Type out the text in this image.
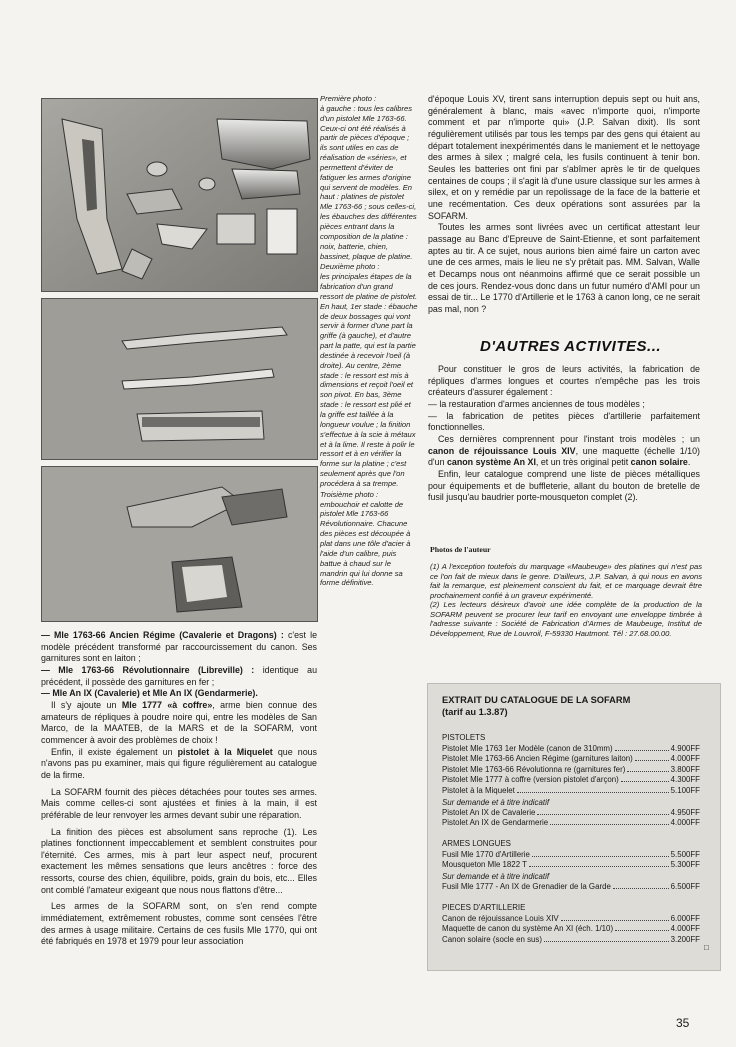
Première photo :
à gauche : tous les calibres d'un pistolet Mle 1763-66. Ceux-ci ont été réalisés à partir de pièces d'époque ; ils sont utiles en cas de réalisation de «séries», et permettent d'éviter de fatiguer les armes d'origine qui servent de modèles. En haut : platines de pistolet Mle 1763-66 ; sous celles-ci, les ébauches des différentes pièces entrant dans la composition de la platine : noix, batterie, chien, bassinet, plaque de platine.

Deuxième photo :
les principales étapes de la fabrication d'un grand ressort de platine de pistolet. En haut, 1er stade : ébauche de deux bossages qui vont servir à former d'une part la griffe (à gauche), et d'autre part la patte, qui est la partie destinée à recevoir l'oeil (à droite). Au centre, 2ème stade : le ressort est mis à dimensions et reçoit l'oeil et son pivot. En bas, 3ème stade : le ressort est plié et la griffe est taillée à la longueur voulue ; la finition s'effectue à la scie à métaux et à la lime. Il reste à polir le ressort et à en vérifier la forme sur la platine ; c'est seulement après que l'on procédera à sa trempe.

Troisième photo :
embouchoir et calotte de pistolet Mle 1763-66 Révolutionnaire. Chacune des pièces est découpée à plat dans une tôle d'acier à l'aide d'un calibre, puis battue à chaud sur le mandrin qui lui donne sa forme définitive.

— Mle 1763-66 Ancien Régime (Cavalerie et Dragons) : c'est le modèle précédent transformé par raccourcissement du canon. Ses garnitures sont en laiton ;

— Mle 1763-66 Révolutionnaire (Libreville) : identique au précédent, il possède des garnitures en fer ;

— Mle An IX (Cavalerie) et Mle An IX (Gendarmerie).

Il s'y ajoute un Mle 1777 «à coffre», arme bien connue des amateurs de répliques à poudre noire qui, entre les modèles de San Marco, de la MAATEB, de la MARS et de la SOFARM, vont commencer à avoir des problèmes de choix !

Enfin, il existe également un pistolet à la Miquelet que nous n'avons pas pu examiner, mais qui figure régulièrement au catalogue de la firme.

La SOFARM fournit des pièces détachées pour toutes ses armes. Mais comme celles-ci sont ajustées et finies à la main, il est préférable de leur renvoyer les armes devant subir une réparation.

La finition des pièces est absolument sans reproche (1). Les platines fonctionnent impeccablement et semblent construites pour l'éternité. Ces armes, mis à part leur aspect neuf, procurent exactement les mêmes sensations que leurs ancêtres : force des ressorts, course des chien, équilibre, poids, grain du bois, etc... Elles ont comblé l'amateur exigeant que nous nous flattons d'être...

Les armes de la SOFARM sont, on s'en rend compte immédiatement, extrêmement robustes, comme sont censées l'être des armes à usage militaire. Certains de ces fusils Mle 1770, qui ont été fabriqués en 1978 et 1979 pour leur association

d'époque Louis XV, tirent sans interruption depuis sept ou huit ans, généralement à blanc, mais «avec n'importe quoi, n'importe comment et par n'importe qui» (J.P. Salvan dixit). Ils sont régulièrement utilisés par tous les temps par des gens qui étaient au départ totalement inexpérimentés dans le maniement et le nettoyage des armes à silex ; malgré cela, les fusils continuent à tenir bon. Seules les batteries ont fini par s'abîmer après le tir de quelques centaines de coups ; il s'agit là d'une usure classique sur les armes à silex, et on y remédie par un repolissage de la face de la batterie et une recémentation. Ces deux opérations sont assurées par la SOFARM.

Toutes les armes sont livrées avec un certificat attestant leur passage au Banc d'Epreuve de Saint-Etienne, et sont parfaitement aptes au tir. A ce sujet, nous aurions bien aimé faire un carton avec une de ces armes, mais le lieu ne s'y prêtait pas. MM. Salvan, Walle et Decamps nous ont néanmoins affirmé que ce serait possible un de ces jours. Rendez-vous donc dans un futur numéro d'AMI pour un essai de tir... Le 1770 d'Artillerie et le 1763 à canon long, ce ne serait pas mal, non ?

D'AUTRES ACTIVITES...

Pour constituer le gros de leurs activités, la fabrication de répliques d'armes longues et courtes n'empêche pas les trois créateurs d'assurer également :

— la restauration d'armes anciennes de tous modèles ;

— la fabrication de petites pièces d'artillerie parfaitement fonctionnelles.

Ces dernières comprennent pour l'instant trois modèles ; un canon de réjouissance Louis XIV, une maquette (échelle 1/10) d'un canon système An XI, et un très original petit canon solaire.

Enfin, leur catalogue comprend une liste de pièces métalliques pour équipements et de buffleterie, allant du bouton de bretelle de fusil jusqu'au baudrier porte-mousqueton complet (2).

Photos de l'auteur

(1) A l'exception toutefois du marquage «Maubeuge» des platines qui n'est pas ce l'on fait de mieux dans le genre. D'ailleurs, J.P. Salvan, à qui nous en avons fait la remarque, est pleinement conscient du fait, et ce marquage devrait être prochainement confié à un graveur expérimenté.

(2) Les lecteurs désireux d'avoir une idée complète de la production de la SOFARM peuvent se procurer leur tarif en envoyant une enveloppe timbrée à l'adresse suivante : Société de Fabrication d'Armes de Maubeuge, Institut de Développement, Rue de Louvroil, F-59330 Hautmont. Tél : 27.68.00.00.

EXTRAIT DU CATALOGUE DE LA SOFARM
(tarif au 1.3.87)
PISTOLETS
Pistolet Mle 1763 1er Modèle (canon de 310mm)	4.900FF
Pistolet Mle 1763-66 Ancien Régime (garnitures laiton)	4.000FF
Pistolet Mle 1763-66 Révolutionna re (garnitures fer)	3.800FF
Pistolet Mle 1777 à coffre (version pistolet d'arçon)	4.300FF
Pistolet à la Miquelet	5.100FF
Sur demande et à titre indicatif
Pistolet An IX de Cavalerie	4.950FF
Pistolet An IX de Gendarmerie	4.000FF
ARMES LONGUES
Fusil Mle 1770 d'Artillerie	5.500FF
Mousqueton Mle 1822 T	5.300FF
Sur demande et à titre indicatif
Fusil Mle 1777 - An IX de Grenadier de la Garde	6.500FF
PIECES D'ARTILLERIE
Canon de réjouissance Louis XIV	6.000FF
Maquette de canon du système An XI (éch. 1/10)	4.000FF
Canon solaire (socle en sus)	3.200FF
□
35
